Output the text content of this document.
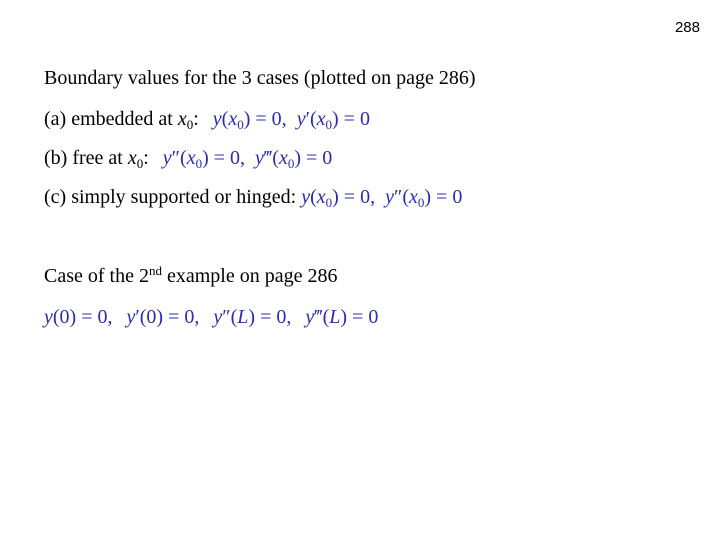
288
Boundary values for the 3 cases (plotted on page 286)
(a) embedded at $x_0$: $y(x_0) = 0$, $y'(x_0) = 0$
(b) free at $x_0$: $y''(x_0) = 0$, $y‴(x_0) = 0$
(c) simply supported or hinged: $y(x_0) = 0$, $y''(x_0) = 0$
Case of the 2nd example on page 286
y(0) = 0, y′(0) = 0, y″(L) = 0, y‴(L) = 0
